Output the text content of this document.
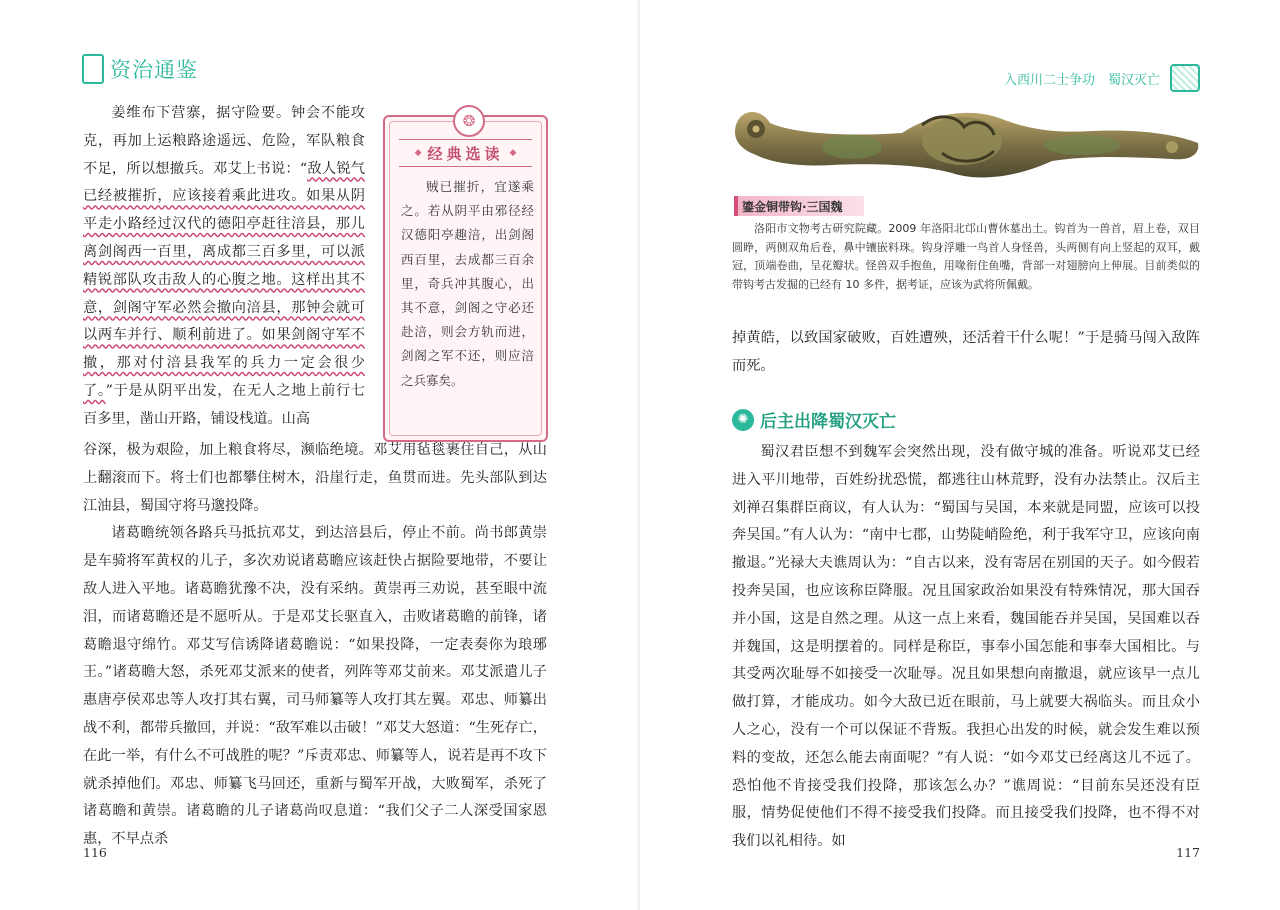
资治通鉴

姜维布下营寨，据守险要。钟会不能攻克，再加上运粮路途遥远、危险，军队粮食不足，所以想撤兵。邓艾上书说：“敌人锐气已经被摧折，应该接着乘此进攻。如果从阴平走小路经过汉代的德阳亭赶往涪县，那儿离剑阁西一百里，离成都三百多里，可以派精锐部队攻击敌人的心腹之地。这样出其不意，剑阁守军必然会撤向涪县，那钟会就可以两车并行、顺利前进了。如果剑阁守军不撤，那对付涪县我军的兵力一定会很少了。”于是从阴平出发，在无人之地上前行七百多里，凿山开路，铺设栈道。山高

谷深，极为艰险，加上粮食将尽，濒临绝境。邓艾用毡毯裹住自己，从山上翻滚而下。将士们也都攀住树木，沿崖行走，鱼贯而进。先头部队到达江油县，蜀国守将马邈投降。

诸葛瞻统领各路兵马抵抗邓艾，到达涪县后，停止不前。尚书郎黄崇是车骑将军黄权的儿子，多次劝说诸葛瞻应该赶快占据险要地带，不要让敌人进入平地。诸葛瞻犹豫不决，没有采纳。黄崇再三劝说，甚至眼中流泪，而诸葛瞻还是不愿听从。于是邓艾长驱直入，击败诸葛瞻的前锋，诸葛瞻退守绵竹。邓艾写信诱降诸葛瞻说：“如果投降，一定表奏你为琅琊王。”诸葛瞻大怒，杀死邓艾派来的使者，列阵等邓艾前来。邓艾派遣儿子惠唐亭侯邓忠等人攻打其右翼，司马师纂等人攻打其左翼。邓忠、师纂出战不利，都带兵撤回，并说：“敌军难以击破！”邓艾大怒道：“生死存亡，在此一举，有什么不可战胜的呢？”斥责邓忠、师纂等人，说若是再不攻下就杀掉他们。邓忠、师纂飞马回还，重新与蜀军开战，大败蜀军，杀死了诸葛瞻和黄崇。诸葛瞻的儿子诸葛尚叹息道：“我们父子二人深受国家恩惠，不早点杀

116
❂
◆ 经典选读 ◆
贼已摧折，宜遂乘之。若从阴平由邪径经汉德阳亭趣涪，出剑阁西百里，去成都三百余里，奇兵冲其腹心，出其不意，剑阁之守必还赴涪，则会方轨而进，剑阁之军不还，则应涪之兵寡矣。
入西川二士争功　蜀汉灭亡
117
鎏金铜带钩·三国魏
洛阳市文物考古研究院藏。2009 年洛阳北邙山曹休墓出土。钩首为一兽首，眉上卷，双目圆睁，两侧双角后卷，鼻中镶嵌料珠。钩身浮雕一鸟首人身怪兽，头两侧有向上竖起的双耳，戴冠，顶端卷曲，呈花瓣状。怪兽双手抱鱼，用喙衔住鱼嘴，背部一对翅膀向上伸展。目前类似的带钩考古发掘的已经有 10 多件，据考证，应该为武将所佩戴。

掉黄皓，以致国家破败，百姓遭殃，还活着干什么呢！”于是骑马闯入敌阵而死。

✺ 后主出降蜀汉灭亡

蜀汉君臣想不到魏军会突然出现，没有做守城的准备。听说邓艾已经进入平川地带，百姓纷扰恐慌，都逃往山林荒野，没有办法禁止。汉后主刘禅召集群臣商议，有人认为：“蜀国与吴国，本来就是同盟，应该可以投奔吴国。”有人认为：“南中七郡，山势陡峭险绝，利于我军守卫，应该向南撤退。”光禄大夫谯周认为：“自古以来，没有寄居在别国的天子。如今假若投奔吴国，也应该称臣降服。况且国家政治如果没有特殊情况，那大国吞并小国，这是自然之理。从这一点上来看，魏国能吞并吴国，吴国难以吞并魏国，这是明摆着的。同样是称臣，事奉小国怎能和事奉大国相比。与其受两次耻辱不如接受一次耻辱。况且如果想向南撤退，就应该早一点儿做打算，才能成功。如今大敌已近在眼前，马上就要大祸临头。而且众小人之心，没有一个可以保证不背叛。我担心出发的时候，就会发生难以预料的变故，还怎么能去南面呢？”有人说：“如今邓艾已经离这儿不远了。恐怕他不肯接受我们投降，那该怎么办？”谯周说：“目前东吴还没有臣服，情势促使他们不得不接受我们投降。而且接受我们投降，也不得不对我们以礼相待。如
